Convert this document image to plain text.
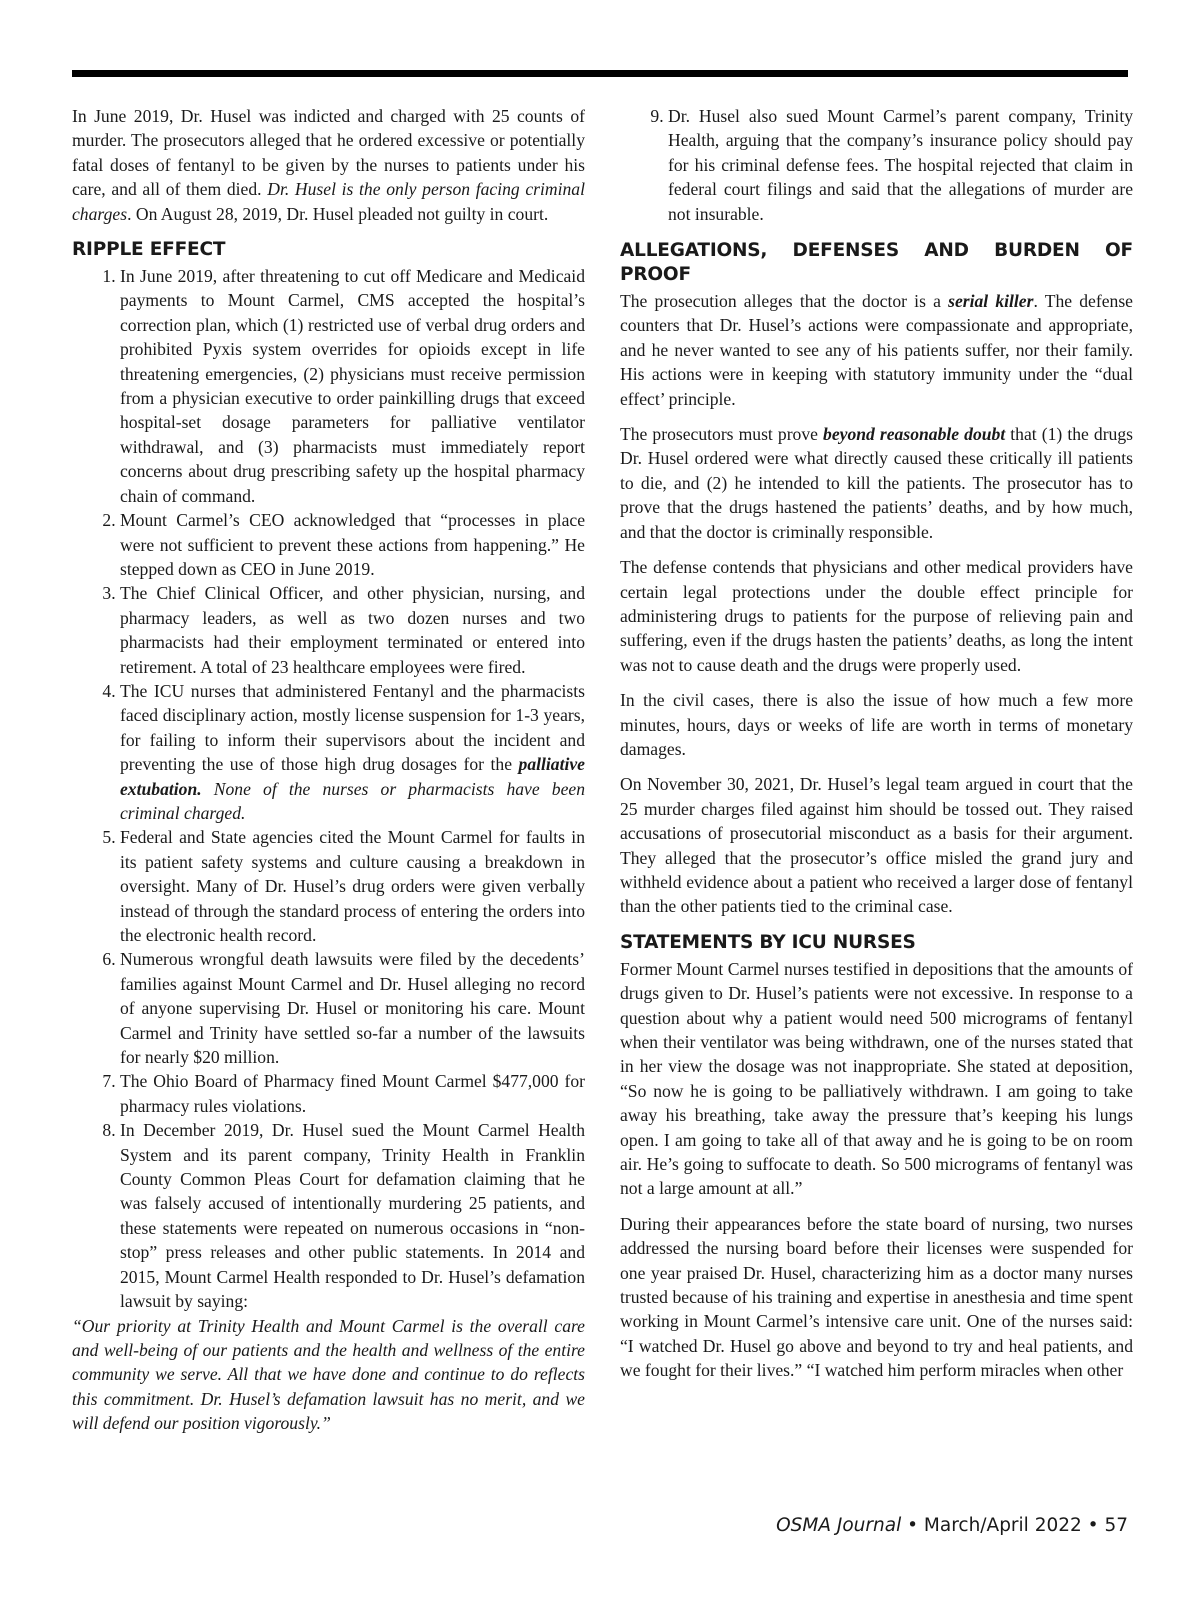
In June 2019, Dr. Husel was indicted and charged with 25 counts of murder. The prosecutors alleged that he ordered excessive or potentially fatal doses of fentanyl to be given by the nurses to patients under his care, and all of them died. Dr. Husel is the only person facing criminal charges. On August 28, 2019, Dr. Husel pleaded not guilty in court.

RIPPLE EFFECT
1. In June 2019, after threatening to cut off Medicare and Medicaid payments to Mount Carmel, CMS accepted the hospital’s correction plan, which (1) restricted use of verbal drug orders and prohibited Pyxis system overrides for opioids except in life threatening emergencies, (2) physicians must receive permission from a physician executive to order painkilling drugs that exceed hospital-set dosage parameters for palliative ventilator withdrawal, and (3) pharmacists must immediately report concerns about drug prescribing safety up the hospital pharmacy chain of command.
2. Mount Carmel’s CEO acknowledged that “processes in place were not sufficient to prevent these actions from happening.” He stepped down as CEO in June 2019.
3. The Chief Clinical Officer, and other physician, nursing, and pharmacy leaders, as well as two dozen nurses and two pharmacists had their employment terminated or entered into retirement. A total of 23 healthcare employees were fired.
4. The ICU nurses that administered Fentanyl and the pharmacists faced disciplinary action, mostly license suspension for 1-3 years, for failing to inform their supervisors about the incident and preventing the use of those high drug dosages for the palliative extubation. None of the nurses or pharmacists have been criminal charged.
5. Federal and State agencies cited the Mount Carmel for faults in its patient safety systems and culture causing a breakdown in oversight. Many of Dr. Husel’s drug orders were given verbally instead of through the standard process of entering the orders into the electronic health record.
6. Numerous wrongful death lawsuits were filed by the decedents’ families against Mount Carmel and Dr. Husel alleging no record of anyone supervising Dr. Husel or monitoring his care. Mount Carmel and Trinity have settled so-far a number of the lawsuits for nearly $20 million.
7. The Ohio Board of Pharmacy fined Mount Carmel $477,000 for pharmacy rules violations.
8. In December 2019, Dr. Husel sued the Mount Carmel Health System and its parent company, Trinity Health in Franklin County Common Pleas Court for defamation claiming that he was falsely accused of intentionally murdering 25 patients, and these statements were repeated on numerous occasions in “non-stop” press releases and other public statements. In 2014 and 2015, Mount Carmel Health responded to Dr. Husel’s defamation lawsuit by saying:

“Our priority at Trinity Health and Mount Carmel is the overall care and well-being of our patients and the health and wellness of the entire community we serve. All that we have done and continue to do reflects this commitment. Dr. Husel’s defamation lawsuit has no merit, and we will defend our position vigorously.”

9. Dr. Husel also sued Mount Carmel’s parent company, Trinity Health, arguing that the company’s insurance policy should pay for his criminal defense fees. The hospital rejected that claim in federal court filings and said that the allegations of murder are not insurable.
ALLEGATIONS, DEFENSES AND BURDEN OF PROOF

The prosecution alleges that the doctor is a serial killer. The defense counters that Dr. Husel’s actions were compassionate and appropriate, and he never wanted to see any of his patients suffer, nor their family. His actions were in keeping with statutory immunity under the “dual effect’ principle.

The prosecutors must prove beyond reasonable doubt that (1) the drugs Dr. Husel ordered were what directly caused these critically ill patients to die, and (2) he intended to kill the patients. The prosecutor has to prove that the drugs hastened the patients’ deaths, and by how much, and that the doctor is criminally responsible.

The defense contends that physicians and other medical providers have certain legal protections under the double effect principle for administering drugs to patients for the purpose of relieving pain and suffering, even if the drugs hasten the patients’ deaths, as long the intent was not to cause death and the drugs were properly used.

In the civil cases, there is also the issue of how much a few more minutes, hours, days or weeks of life are worth in terms of monetary damages.

On November 30, 2021, Dr. Husel’s legal team argued in court that the 25 murder charges filed against him should be tossed out. They raised accusations of prosecutorial misconduct as a basis for their argument. They alleged that the prosecutor’s office misled the grand jury and withheld evidence about a patient who received a larger dose of fentanyl than the other patients tied to the criminal case.

STATEMENTS BY ICU NURSES

Former Mount Carmel nurses testified in depositions that the amounts of drugs given to Dr. Husel’s patients were not excessive. In response to a question about why a patient would need 500 micrograms of fentanyl when their ventilator was being withdrawn, one of the nurses stated that in her view the dosage was not inappropriate. She stated at deposition, “So now he is going to be palliatively withdrawn. I am going to take away his breathing, take away the pressure that’s keeping his lungs open. I am going to take all of that away and he is going to be on room air. He’s going to suffocate to death. So 500 micrograms of fentanyl was not a large amount at all.”

During their appearances before the state board of nursing, two nurses addressed the nursing board before their licenses were suspended for one year praised Dr. Husel, characterizing him as a doctor many nurses trusted because of his training and expertise in anesthesia and time spent working in Mount Carmel’s intensive care unit. One of the nurses said: “I watched Dr. Husel go above and beyond to try and heal patients, and we fought for their lives.” “I watched him perform miracles when other

OSMA Journal • March/April 2022 • 57
